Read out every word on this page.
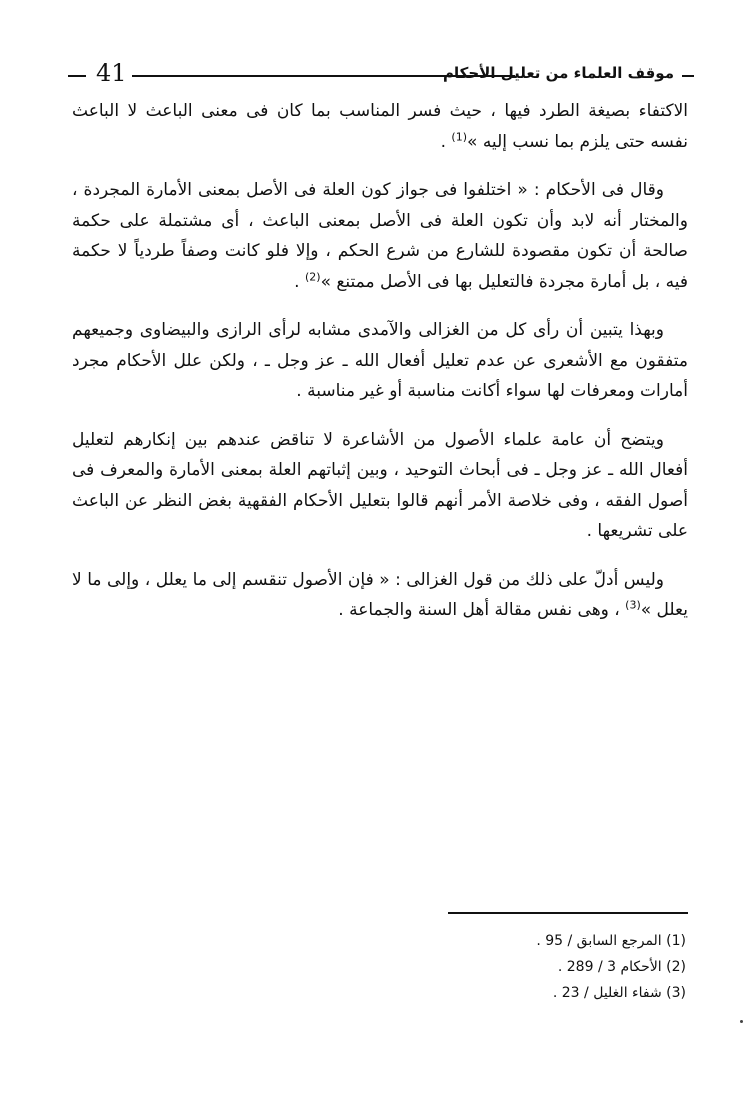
41	موقف العلماء من تعليل الأحكام

الاكتفاء بصيغة الطرد فيها ، حيث فسر المناسب بما كان فى معنى الباعث لا الباعث نفسه حتى يلزم بما نسب إليه »$^{(1)}$ .

وقال فى الأحكام : « اختلفوا فى جواز كون العلة فى الأصل بمعنى الأمارة المجردة ، والمختار أنه لابد وأن تكون العلة فى الأصل بمعنى الباعث ، أى مشتملة على حكمة صالحة أن تكون مقصودة للشارع من شرع الحكم ، وإلا فلو كانت وصفاً طردياً لا حكمة فيه ، بل أمارة مجردة فالتعليل بها فى الأصل ممتنع »$^{(2)}$ .

وبهذا يتبين أن رأى كل من الغزالى والآمدى مشابه لرأى الرازى والبيضاوى وجميعهم متفقون مع الأشعرى عن عدم تعليل أفعال الله ـ عز وجل ـ ، ولكن علل الأحكام مجرد أمارات ومعرفات لها سواء أكانت مناسبة أو غير مناسبة .

ويتضح أن عامة علماء الأصول من الأشاعرة لا تناقض عندهم بين إنكارهم لتعليل أفعال الله ـ عز وجل ـ فى أبحاث التوحيد ، وبين إثباتهم العلة بمعنى الأمارة والمعرف فى أصول الفقه ، وفى خلاصة الأمر أنهم قالوا بتعليل الأحكام الفقهية بغض النظر عن الباعث على تشريعها .

وليس أدلّ على ذلك من قول الغزالى : « فإن الأصول تنقسم إلى ما يعلل ، وإلى ما لا يعلل »$^{(3)}$ ، وهى نفس مقالة أهل السنة والجماعة .

(1) المرجع السابق / 95 .
(2) الأحكام 3 / 289 .
(3) شفاء الغليل / 23 .
